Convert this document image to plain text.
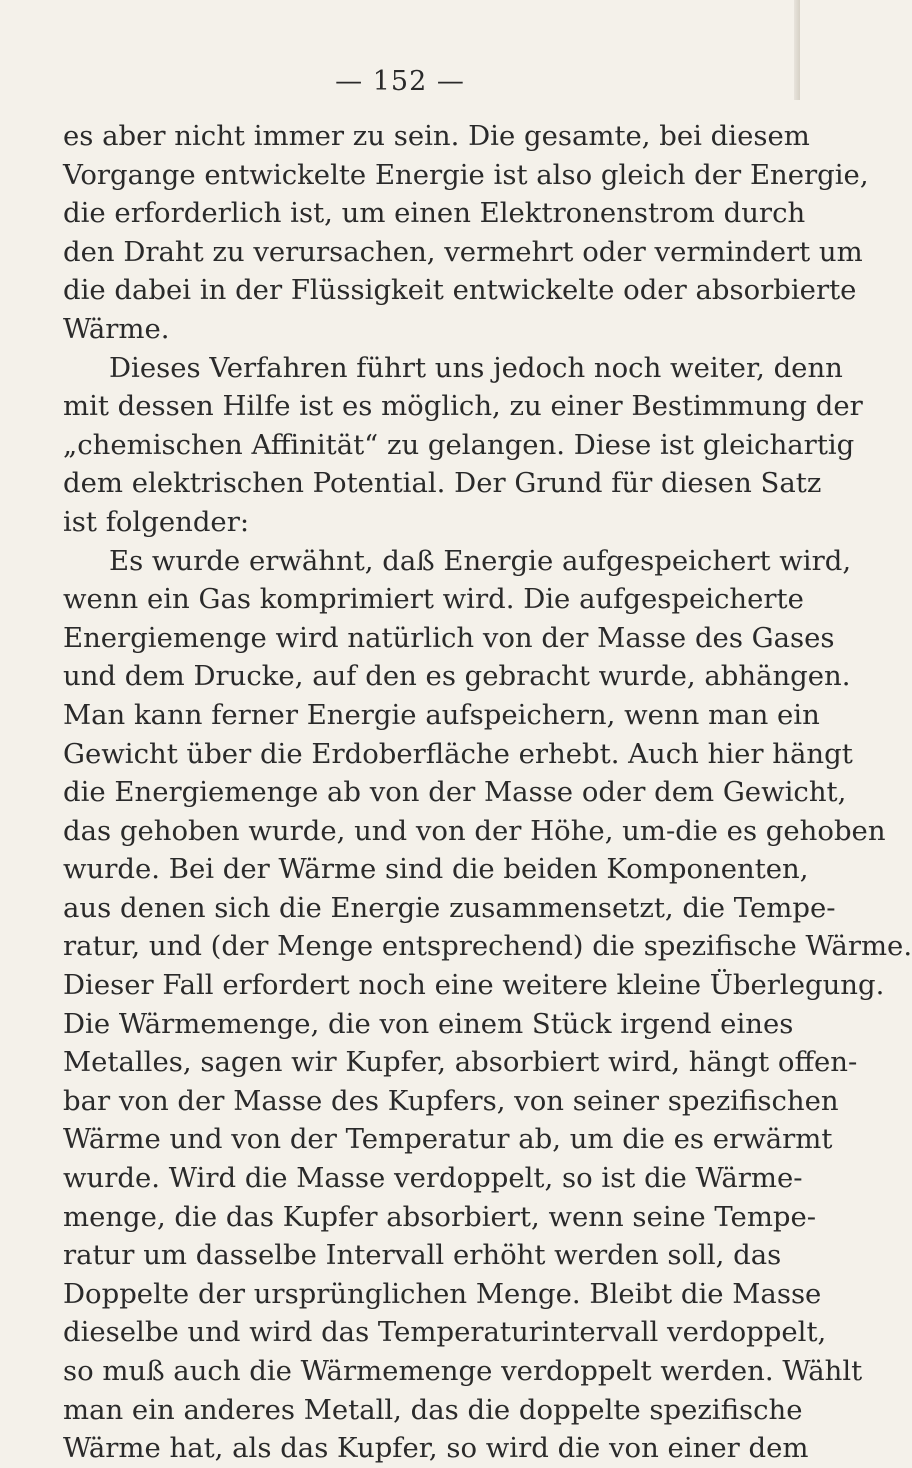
— 152 —
es aber nicht immer zu sein. Die gesamte, bei diesem
Vorgange entwickelte Energie ist also gleich der Energie,
die erforderlich ist, um einen Elektronenstrom durch
den Draht zu verursachen, vermehrt oder vermindert um
die dabei in der Flüssigkeit entwickelte oder absorbierte
Wärme.
Dieses Verfahren führt uns jedoch noch weiter, denn
mit dessen Hilfe ist es möglich, zu einer Bestimmung der
„chemischen Affinität“ zu gelangen. Diese ist gleichartig
dem elektrischen Potential. Der Grund für diesen Satz
ist folgender:
Es wurde erwähnt, daß Energie aufgespeichert wird,
wenn ein Gas komprimiert wird. Die aufgespeicherte
Energiemenge wird natürlich von der Masse des Gases
und dem Drucke, auf den es gebracht wurde, abhängen.
Man kann ferner Energie aufspeichern, wenn man ein
Gewicht über die Erdoberfläche erhebt. Auch hier hängt
die Energiemenge ab von der Masse oder dem Gewicht,
das gehoben wurde, und von der Höhe, um-die es gehoben
wurde. Bei der Wärme sind die beiden Komponenten,
aus denen sich die Energie zusammensetzt, die Tempe-
ratur, und (der Menge entsprechend) die spezifische Wärme.
Dieser Fall erfordert noch eine weitere kleine Überlegung.
Die Wärmemenge, die von einem Stück irgend eines
Metalles, sagen wir Kupfer, absorbiert wird, hängt offen-
bar von der Masse des Kupfers, von seiner spezifischen
Wärme und von der Temperatur ab, um die es erwärmt
wurde. Wird die Masse verdoppelt, so ist die Wärme-
menge, die das Kupfer absorbiert, wenn seine Tempe-
ratur um dasselbe Intervall erhöht werden soll, das
Doppelte der ursprünglichen Menge. Bleibt die Masse
dieselbe und wird das Temperaturintervall verdoppelt,
so muß auch die Wärmemenge verdoppelt werden. Wählt
man ein anderes Metall, das die doppelte spezifische
Wärme hat, als das Kupfer, so wird die von einer dem
